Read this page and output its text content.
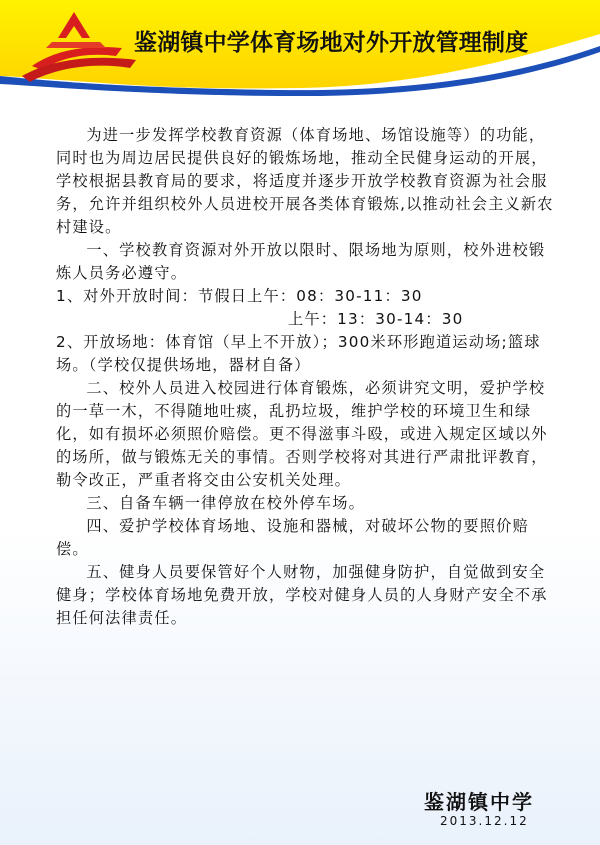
鉴湖镇中学体育场地对外开放管理制度

为进一步发挥学校教育资源（体育场地、场馆设施等）的功能，同时也为周边居民提供良好的锻炼场地，推动全民健身运动的开展，学校根据县教育局的要求，将适度并逐步开放学校教育资源为社会服务，允许并组织校外人员进校开展各类体育锻炼,以推动社会主义新农村建设。

一、学校教育资源对外开放以限时、限场地为原则，校外进校锻炼人员务必遵守。

1、对外开放时间：节假日上午：08：30-11：30

上午：13：30-14：30

2、开放场地：体育馆（早上不开放）；300米环形跑道运动场;篮球场。（学校仅提供场地，器材自备）

二、校外人员进入校园进行体育锻炼，必须讲究文明，爱护学校的一草一木，不得随地吐痰，乱扔垃圾，维护学校的环境卫生和绿化，如有损坏必须照价赔偿。更不得滋事斗殴，或进入规定区域以外的场所，做与锻炼无关的事情。否则学校将对其进行严肃批评教育，勒令改正，严重者将交由公安机关处理。

三、自备车辆一律停放在校外停车场。

四、爱护学校体育场地、设施和器械，对破坏公物的要照价赔偿。

五、健身人员要保管好个人财物，加强健身防护，自觉做到安全健身；学校体育场地免费开放，学校对健身人员的人身财产安全不承担任何法律责任。

鉴湖镇中学
2013.12.12
